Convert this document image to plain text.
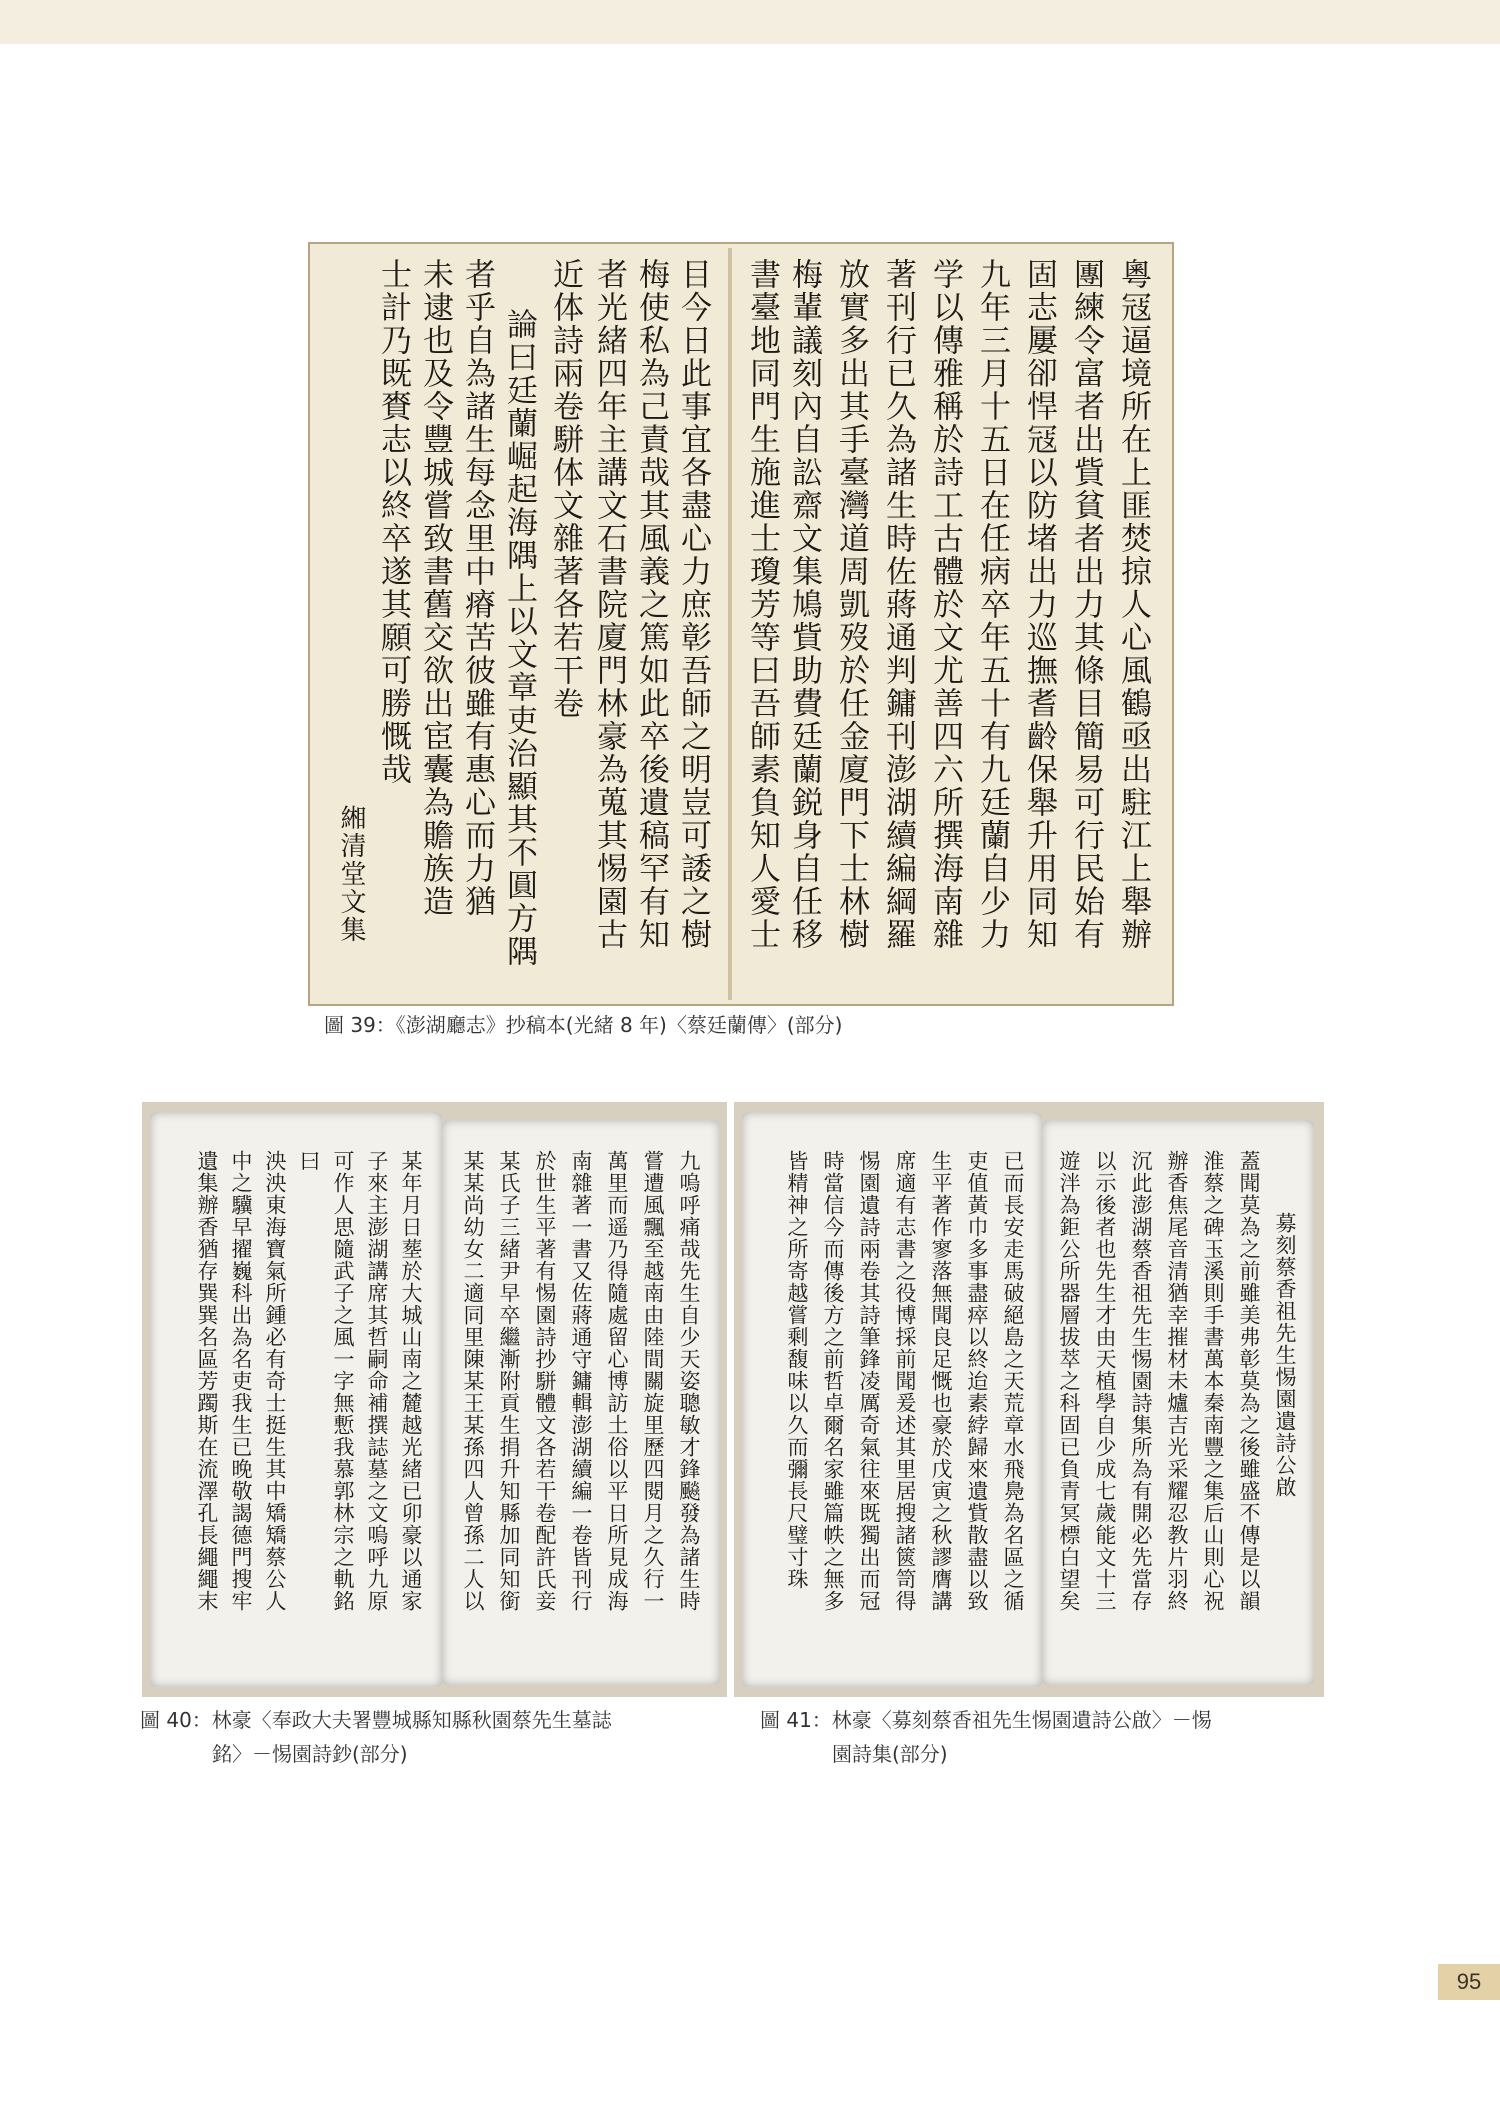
粵冦逼境所在上匪焚掠人心風鶴亟出駐江上舉辦
團練令富者出貲貧者出力其條目簡易可行民始有
固志屢卻悍冦以防堵出力巡撫耆齡保舉升用同知
九年三月十五日在任病卒年五十有九廷蘭自少力
学以傳雅稱於詩工古體於文尤善四六所撰海南雜
著刊行已久為諸生時佐蔣通判鏞刊澎湖續編綱羅
放實多出其手臺灣道周凱歿於任金廈門下士林樹
梅輩議刻內自訟齋文集鳩貲助費廷蘭鋭身自任移
書臺地同門生施進士瓊芳等曰吾師素負知人愛士
目今日此事宜各盡心力庶彰吾師之明豈可諉之樹
梅使私為己責哉其風義之篤如此卒後遺稿罕有知
者光緒四年主講文石書院廈門林豪為蒐其惕園古
近体詩兩卷駢体文雜著各若干卷
論曰廷蘭崛起海隅上以文章吏治顯其不圓方隅
者乎自為諸生每念里中瘠苦彼雖有惠心而力猶
未逮也及令豐城嘗致書舊交欲出宦囊為贍族造
士計乃既賚志以終卒遂其願可勝慨哉
緗清堂文集
圖 39：《澎湖廳志》抄稿本(光緒 8 年)〈蔡廷蘭傳〉(部分)
九嗚呼痛哉先生自少天姿聰敏才鋒飈發為諸生時
嘗遭風飄至越南由陸間關旋里歷四閱月之久行一
萬里而遥乃得隨處留心博訪土俗以平日所見成海
南雜著一書又佐蔣通守鏞輯澎湖續編一卷皆刊行
於世生平著有惕園詩抄駢體文各若干卷配許氏妾
某氏子三緒尹早卒繼漸附貢生捐升知縣加同知銜
某某尚幼女二適同里陳某王某孫四人曾孫二人以
某年月日塟於大城山南之麓越光緒已卯豪以通家
子來主澎湖講席其哲嗣命補撰誌墓之文嗚呼九原
可作人思隨武子之風一字無慙我慕郭林宗之軌銘
曰
泱泱東海寶氣所鍾必有奇士挺生其中矯矯蔡公人
中之驥早擢巍科出為名吏我生已晚敬謁德門搜牢
遺集辦香猶存巽巽名區芳躅斯在流澤孔長繩繩末
圖 40：林豪〈奉政大夫署豐城縣知縣秋園蔡先生墓誌
銘〉－惕園詩鈔(部分)
募刻蔡香祖先生惕園遺詩公啟
蓋聞莫為之前雖美弗彰莫為之後雖盛不傳是以韻
淮蔡之碑玉溪則手書萬本秦南豐之集后山則心祝
辦香焦尾音清猶幸摧材未爐吉光采耀忍教片羽終
沉此澎湖蔡香祖先生惕園詩集所為有開必先當存
以示後者也先生才由天植學自少成七歲能文十三
遊泮為鉅公所器層拔萃之科固已負青冥標白望矣
已而長安走馬破絕島之天荒章水飛鳧為名區之循
吏值黃巾多事盡瘁以終迨素綍歸來遺貲散盡以致
生平著作寥落無聞良足慨也豪於戊寅之秋謬膺講
席適有志書之役博採前聞爰述其里居搜諸篋笥得
惕園遺詩兩卷其詩筆鋒凌厲奇氣往來既獨出而冠
時當信今而傳後方之前哲卓爾名家雖篇帙之無多
皆精神之所寄越嘗剩馥味以久而彌長尺璧寸珠
圖 41：林豪〈募刻蔡香祖先生惕園遺詩公啟〉－惕
園詩集(部分)
95
